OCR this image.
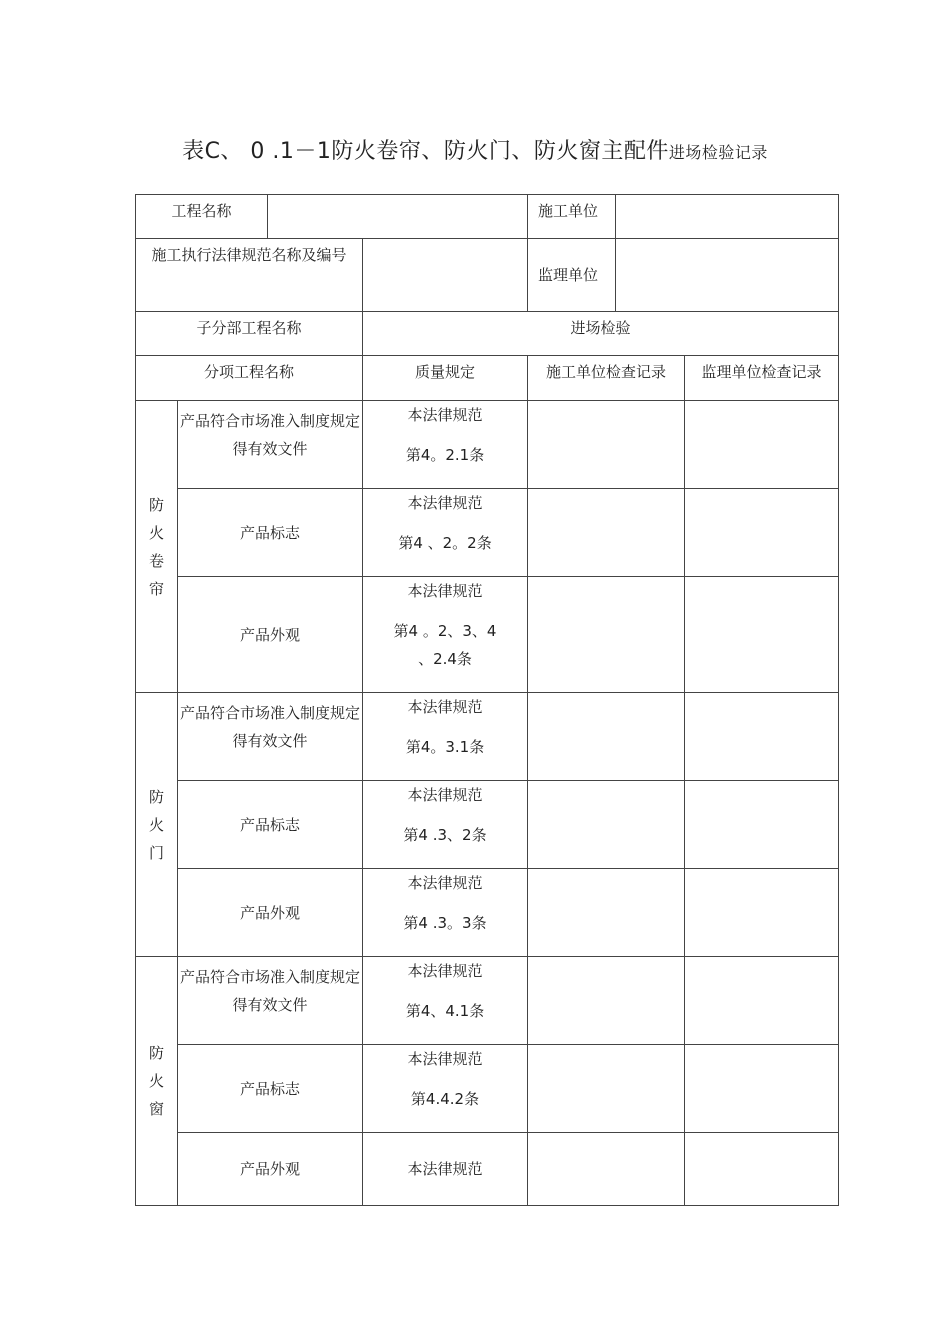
表C、 0 .1－1防火卷帘、防火门、防火窗主配件进场检验记录
工程名称				施工单位		
施工执行法律规范名称及编号				监理单位		
子分部工程名称			进场检验			
分项工程名称			质量规定	施工单位检查记录		监理单位检查记录

防
火
卷
帘	产品符合市场准入制度规定得有效文件		本法律规范
第4。2.1条			

	产品标志		本法律规范
第4 、2。2条			

	产品外观		本法律规范
第4 。2、3、4 、2.4条			

防
火
门	产品符合市场准入制度规定得有效文件		本法律规范
第4。3.1条			

	产品标志		本法律规范
第4 .3、2条			

	产品外观		本法律规范
第4 .3。3条			

防
火
窗	产品符合市场准入制度规定得有效文件		本法律规范
第4、4.1条			

	产品标志		本法律规范
第4.4.2条			

	产品外观		本法律规范			
